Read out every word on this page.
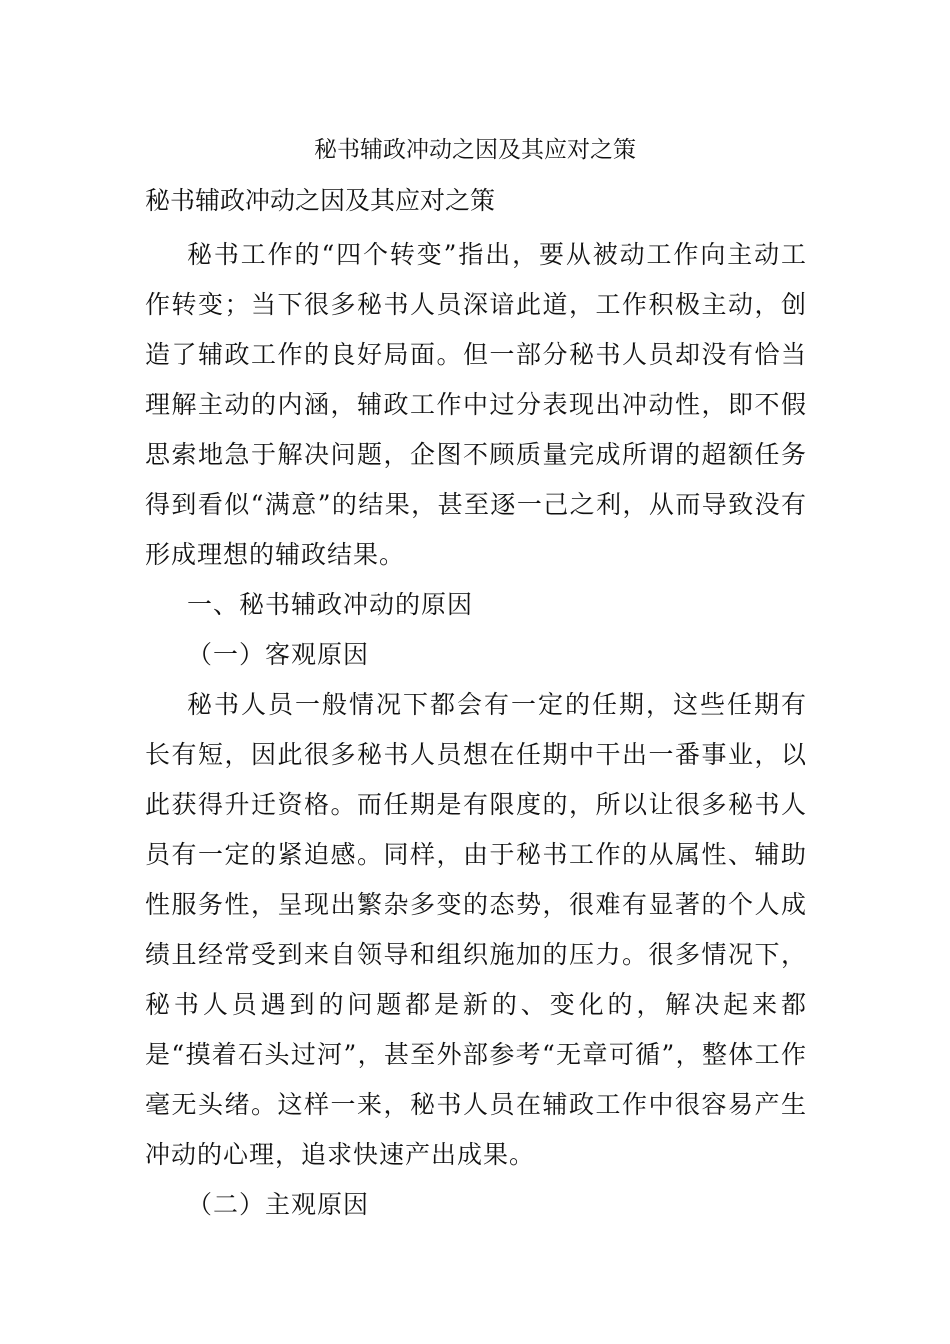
秘书辅政冲动之因及其应对之策
秘书辅政冲动之因及其应对之策

秘书工作的“四个转变”指出，要从被动工作向主动工作转变；当下很多秘书人员深谙此道，工作积极主动，创造了辅政工作的良好局面。但一部分秘书人员却没有恰当理解主动的内涵，辅政工作中过分表现出冲动性，即不假思索地急于解决问题，企图不顾质量完成所谓的超额任务得到看似“满意”的结果，甚至逐一己之利，从而导致没有形成理想的辅政结果。

一、秘书辅政冲动的原因

（一）客观原因

秘书人员一般情况下都会有一定的任期，这些任期有长有短，因此很多秘书人员想在任期中干出一番事业，以此获得升迁资格。而任期是有限度的，所以让很多秘书人员有一定的紧迫感。同样，由于秘书工作的从属性、辅助性服务性，呈现出繁杂多变的态势，很难有显著的个人成绩且经常受到来自领导和组织施加的压力。很多情况下，秘书人员遇到的问题都是新的、变化的，解决起来都是“摸着石头过河”，甚至外部参考“无章可循”，整体工作毫无头绪。这样一来，秘书人员在辅政工作中很容易产生冲动的心理，追求快速产出成果。

（二）主观原因
